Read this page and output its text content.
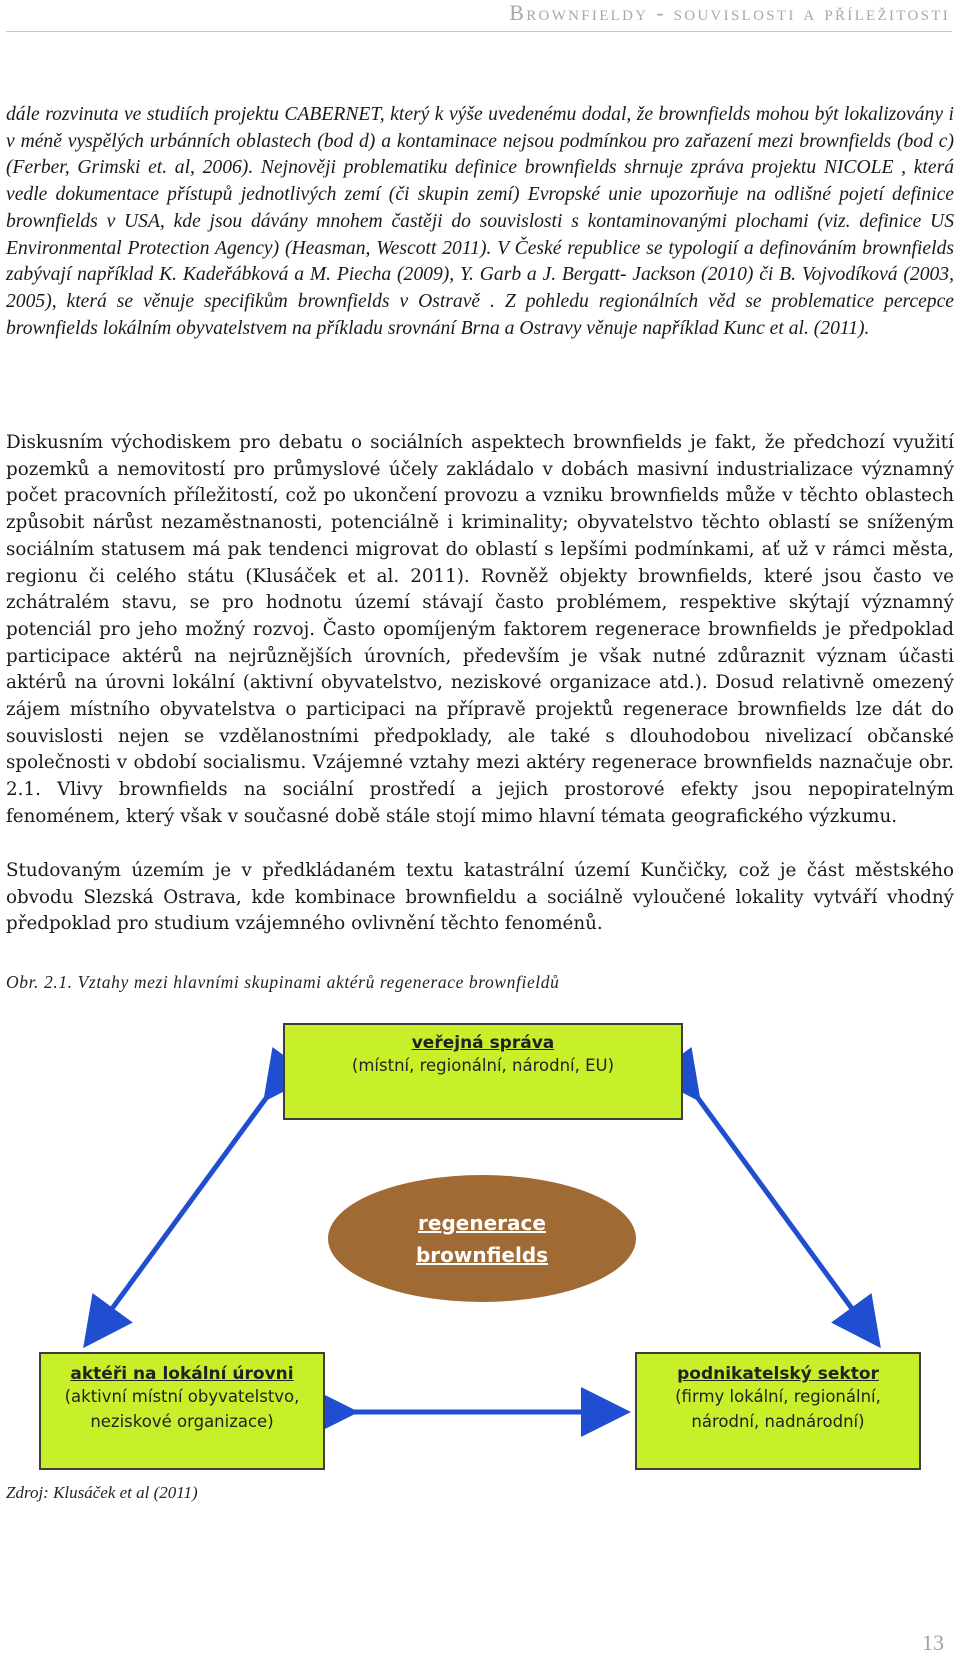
Brownfieldy - souvislosti a příležitosti

dále rozvinuta ve studiích projektu CABERNET, který k výše uvedenému dodal, že brownfields mohou být lokalizovány i v méně vyspělých urbánních oblastech (bod d) a kontaminace nejsou podmínkou pro zařazení mezi brownfields (bod c) (Ferber, Grimski et. al, 2006). Nejnověji problematiku definice brownfields shrnuje zpráva projektu NICOLE , která vedle dokumentace přístupů jednotlivých zemí (či skupin zemí) Evropské unie upozorňuje na odlišné pojetí definice brownfields v USA, kde jsou dávány mnohem častěji do souvislosti s kontaminovanými plochami (viz. definice US Environmental Protection Agency) (Heasman, Wescott 2011). V České republice se typologií a definováním brownfields zabývají například K. Kadeřábková a M. Piecha (2009), Y. Garb a J. Bergatt- Jackson (2010) či B. Vojvodíková (2003, 2005), která se věnuje specifikům brownfields v Ostravě . Z pohledu regionálních věd se problematice percepce brownfields lokálním obyvatelstvem na příkladu srovnání Brna a Ostravy věnuje například Kunc et al. (2011).

Diskusním východiskem pro debatu o sociálních aspektech brownfields je fakt, že předchozí využití pozemků a nemovitostí pro průmyslové účely zakládalo v dobách masivní industrializace významný počet pracovních příležitostí, což po ukončení provozu a vzniku brownfields může v těchto oblastech způsobit nárůst nezaměstnanosti, potenciálně i kriminality; obyvatelstvo těchto oblastí se sníženým sociálním statusem má pak tendenci migrovat do oblastí s lepšími podmínkami, ať už v rámci města, regionu či celého státu (Klusáček et al. 2011). Rovněž objekty brownfields, které jsou často ve zchátralém stavu, se pro hodnotu území stávají často problémem, respektive skýtají významný potenciál pro jeho možný rozvoj. Často opomíjeným faktorem regenerace brownfields je předpoklad participace aktérů na nejrůznějších úrovních, především je však nutné zdůraznit význam účasti aktérů na úrovni lokální (aktivní obyvatelstvo, neziskové organizace atd.). Dosud relativně omezený zájem místního obyvatelstva o participaci na přípravě projektů regenerace brownfields lze dát do souvislosti nejen se vzdělanostními předpoklady, ale také s dlouhodobou nivelizací občanské společnosti v období socialismu. Vzájemné vztahy mezi aktéry regenerace brownfields naznačuje obr. 2.1. Vlivy brownfields na sociální prostředí a jejich prostorové efekty jsou nepopiratelným fenoménem, který však v současné době stále stojí mimo hlavní témata geografického výzkumu.

Studovaným územím je v předkládaném textu katastrální území Kunčičky, což je část městského obvodu Slezská Ostrava, kde kombinace brownfieldu a sociálně vyloučené lokality vytváří vhodný předpoklad pro studium vzájemného ovlivnění těchto fenoménů.

Obr. 2.1. Vztahy mezi hlavními skupinami aktérů regenerace brownfieldů

veřejná správa
(místní, regionální, národní, EU)
regenerace
brownfields
aktéři na lokální úrovni
(aktivní místní obyvatelstvo,
neziskové organizace)
podnikatelský sektor
(firmy lokální, regionální,
národní, nadnárodní)

Zdroj: Klusáček et al (2011)

13
